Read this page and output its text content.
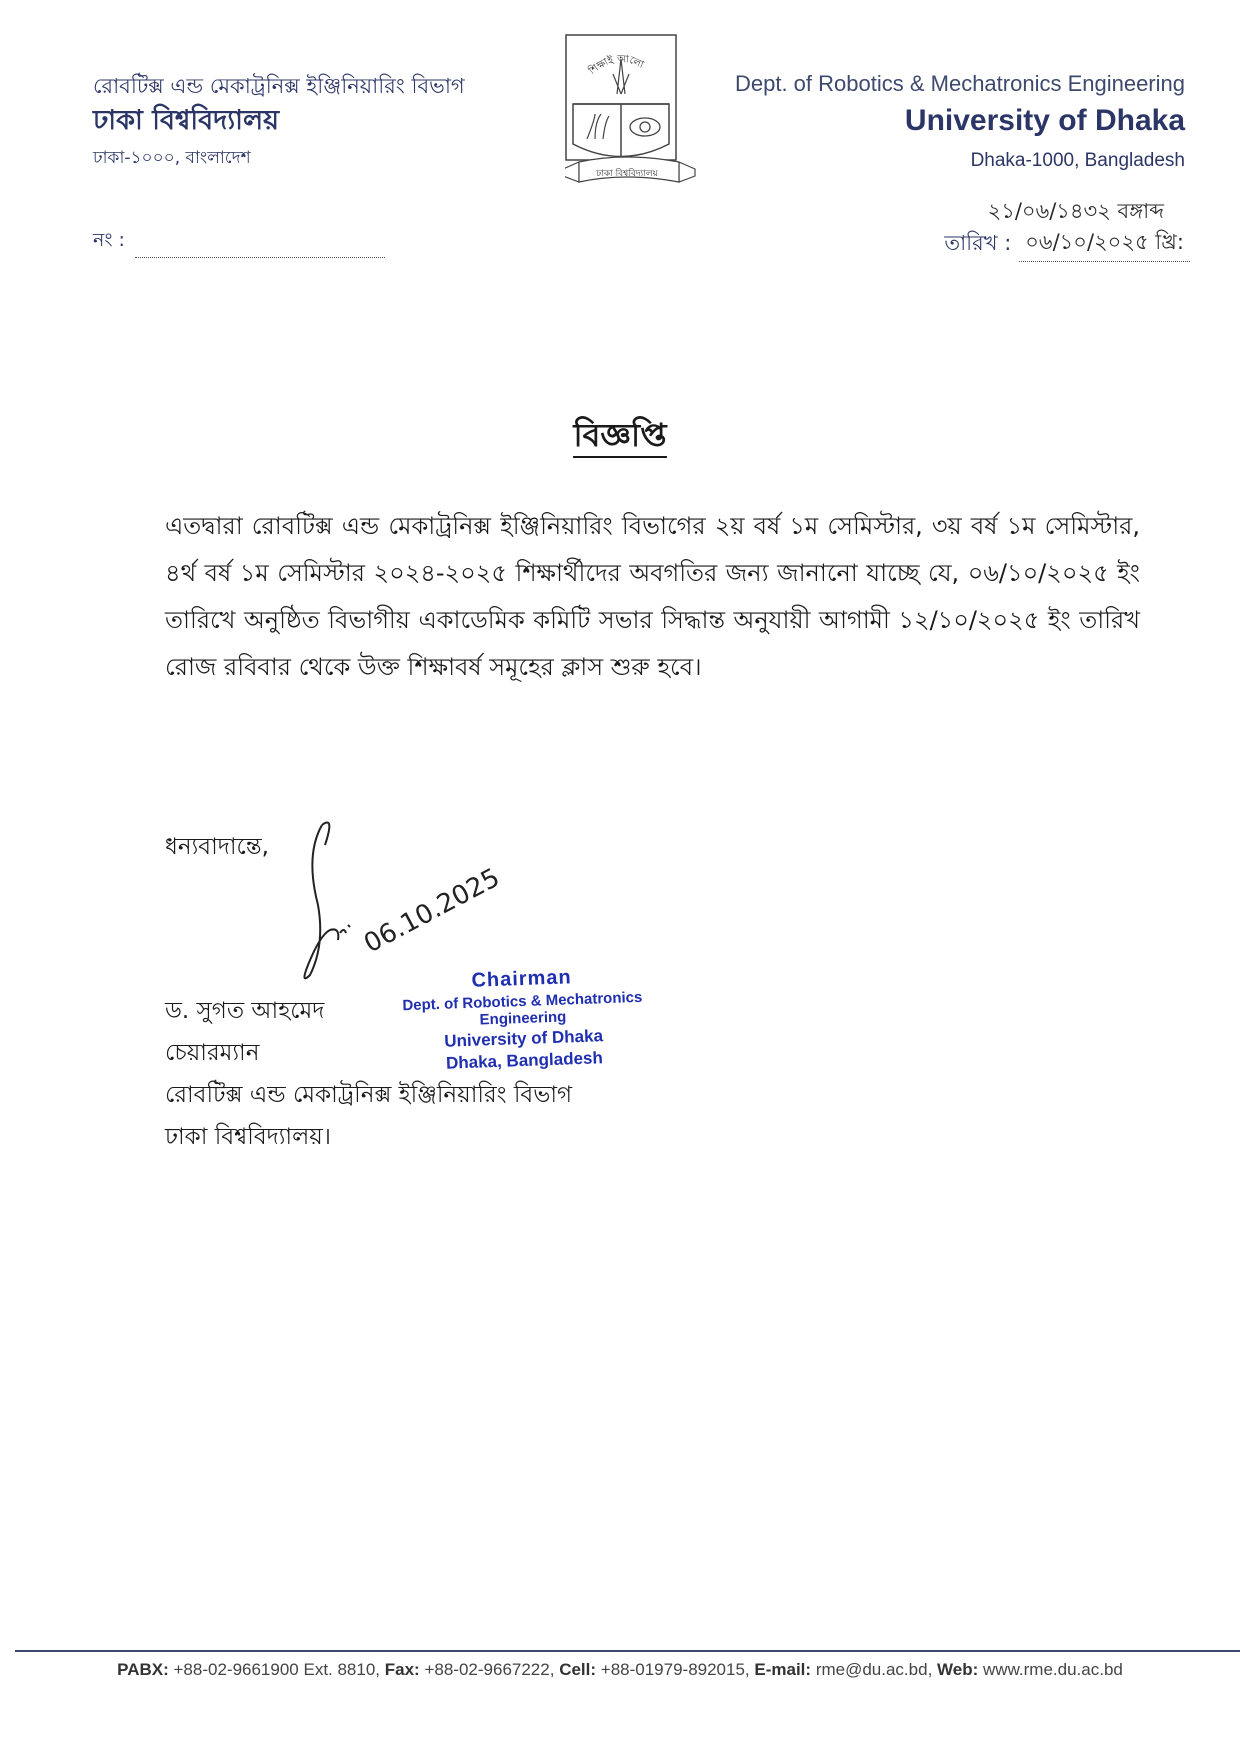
রোবটিক্স এন্ড মেকাট্রনিক্স ইঞ্জিনিয়ারিং বিভাগ
ঢাকা বিশ্ববিদ্যালয়
ঢাকা-১০০০, বাংলাদেশ
নং :
শিক্ষাই আলো
ঢাকা বিশ্ববিদ্যালয়
Dept. of Robotics & Mechatronics Engineering
University of Dhaka
Dhaka-1000, Bangladesh
২১/০৬/১৪৩২ বঙ্গাব্দ
তারিখ : ০৬/১০/২০২৫ খ্রি:
বিজ্ঞপ্তি
এতদ্বারা রোবটিক্স এন্ড মেকাট্রনিক্স ইঞ্জিনিয়ারিং বিভাগের ২য় বর্ষ ১ম সেমিস্টার, ৩য় বর্ষ ১ম সেমিস্টার, ৪র্থ বর্ষ ১ম সেমিস্টার ২০২৪-২০২৫ শিক্ষার্থীদের অবগতির জন্য জানানো যাচ্ছে যে, ০৬/১০/২০২৫ ইং তারিখে অনুষ্ঠিত বিভাগীয় একাডেমিক কমিটি সভার সিদ্ধান্ত অনুযায়ী আগামী ১২/১০/২০২৫ ইং তারিখ রোজ রবিবার থেকে উক্ত শিক্ষাবর্ষ সমূহের ক্লাস শুরু হবে।
ধন্যবাদান্তে,
06.10.2025
Chairman
Dept. of Robotics & Mechatronics Engineering
University of Dhaka
Dhaka, Bangladesh
ড. সুগত আহমেদ
চেয়ারম্যান
রোবটিক্স এন্ড মেকাট্রনিক্স ইঞ্জিনিয়ারিং বিভাগ
ঢাকা বিশ্ববিদ্যালয়।
PABX: +88-02-9661900 Ext. 8810, Fax: +88-02-9667222, Cell: +88-01979-892015, E-mail: rme@du.ac.bd, Web: www.rme.du.ac.bd
